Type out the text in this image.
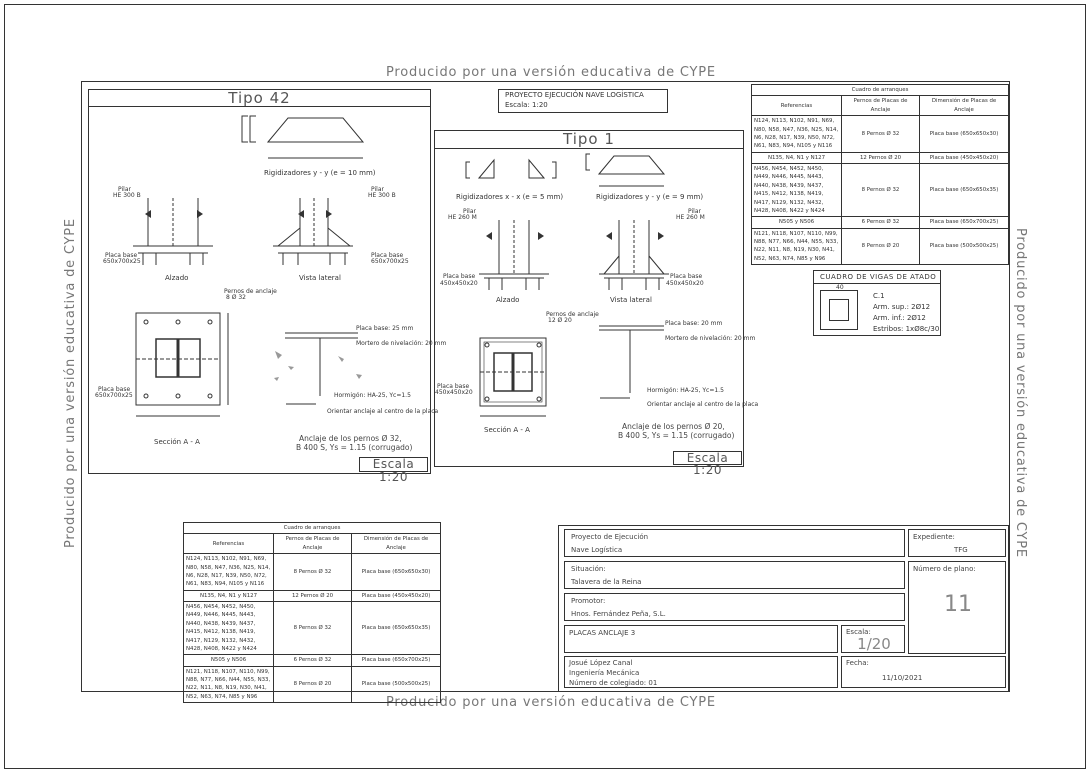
Producido por una versión educativa de CYPE
Producido por una versión educativa de CYPE
Producido por una versión educativa de CYPE	Producido por una versión educativa de CYPE
PROYECTO EJECUCIÓN NAVE LOGÍSTICA
Escala: 1:20
Tipo 42
Rigidizadores y - y (e = 10 mm)
Pilar
HE 300 B
Pilar
HE 300 B
Placa base
650x700x25
Placa base
650x700x25
Alzado	Vista lateral
Pernos de anclaje
8 Ø 32
Placa base
650x700x25
Sección A - A
Placa base: 25 mm
Mortero de nivelación: 20 mm
Hormigón: HA-25, Yc=1.5
Orientar anclaje al centro de la placa
Anclaje de los pernos Ø 32,
B 400 S, Ys = 1.15 (corrugado)
Escala 1:20
Tipo 1
Rigidizadores x - x (e = 5 mm)	Rigidizadores y - y (e = 9 mm)
Pilar
HE 260 M
Pilar
HE 260 M
Placa base
450x450x20
Placa base
450x450x20
Alzado	Vista lateral
Pernos de anclaje
12 Ø 20
Placa base
450x450x20
Sección A - A
Placa base: 20 mm
Mortero de nivelación: 20 mm
Hormigón: HA-25, Yc=1.5
Orientar anclaje al centro de la placa
Anclaje de los pernos Ø 20,
B 400 S, Ys = 1.15 (corrugado)
Escala 1:20
Cuadro de arranques		
Referencias	Pernos de Placas de Anclaje	Dimensión de Placas de Anclaje
N124, N113, N102, N91, N69, N80, N58, N47, N36, N25, N14, N6, N28, N17, N39, N50, N72, N61, N83, N94, N105 y N116	8 Pernos Ø 32	Placa base (650x650x30)
N135, N4, N1 y N127	12 Pernos Ø 20	Placa base (450x450x20)
N456, N454, N452, N450, N449, N446, N445, N443, N440, N438, N439, N437, N415, N412, N138, N419, N417, N129, N132, N432, N428, N408, N422 y N424	8 Pernos Ø 32	Placa base (650x650x35)
N505 y N506	6 Pernos Ø 32	Placa base (650x700x25)
N121, N118, N107, N110, N99, N88, N77, N66, N44, N55, N33, N22, N11, N8, N19, N30, N41, N52, N63, N74, N85 y N96	8 Pernos Ø 20	Placa base (500x500x25)
CUADRO DE VIGAS DE ATADO
40
C.1
Arm. sup.: 2Ø12
Arm. inf.: 2Ø12
Estribos: 1xØ8c/30
Cuadro de arranques		
Referencias	Pernos de Placas de Anclaje	Dimensión de Placas de Anclaje
N124, N113, N102, N91, N69, N80, N58, N47, N36, N25, N14, N6, N28, N17, N39, N50, N72, N61, N83, N94, N105 y N116	8 Pernos Ø 32	Placa base (650x650x30)
N135, N4, N1 y N127	12 Pernos Ø 20	Placa base (450x450x20)
N456, N454, N452, N450, N449, N446, N445, N443, N440, N438, N439, N437, N415, N412, N138, N419, N417, N129, N132, N432, N428, N408, N422 y N424	8 Pernos Ø 32	Placa base (650x650x35)
N505 y N506	6 Pernos Ø 32	Placa base (650x700x25)
N121, N118, N107, N110, N99, N88, N77, N66, N44, N55, N33, N22, N11, N8, N19, N30, N41, N52, N63, N74, N85 y N96	8 Pernos Ø 20	Placa base (500x500x25)
Proyecto de Ejecución
Nave Logística
Expediente:
TFG
Situación:
Talavera de la Reina
Número de plano:
11
Promotor:
Hnos. Fernández Peña, S.L.
PLACAS ANCLAJE 3	Escala:
1/20
Josué López Canal
Ingeniería Mecánica
Número de colegiado: 01
Fecha:
11/10/2021
